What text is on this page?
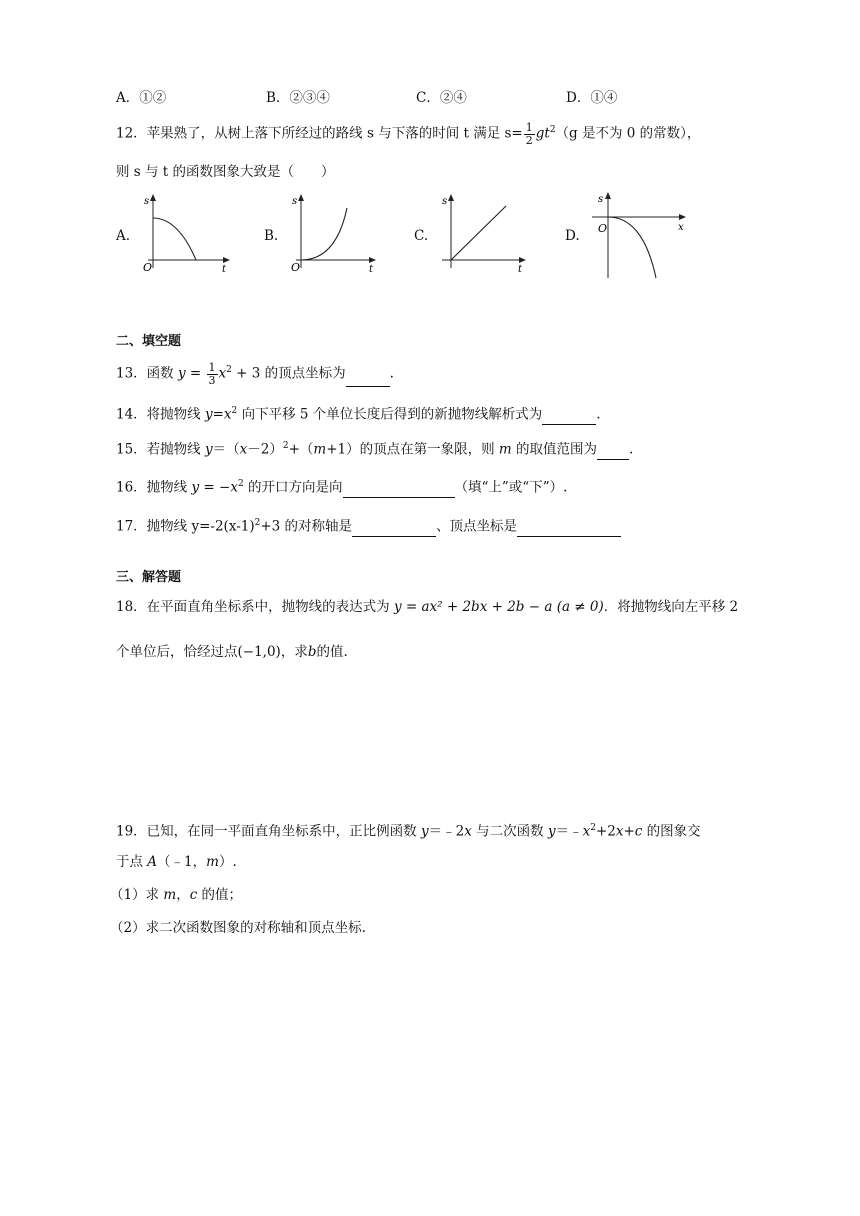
A．①②	B．②③④	C．②④	D．①④
12．苹果熟了，从树上落下所经过的路线 s 与下落的时间 t 满足 $s= \frac{1}{2} gt^2(g$ 是不为 0 的常数），
则 s 与 t 的函数图象大致是（　　）
A.
s
O	t
B.
s
O	t
C.
s
t
D.
s
O	x
二、填空题
13．函数 $y = \frac{1}{3} x^2 + 3$ 的顶点坐标为	.
14．将抛物线 $y=x^2$ 向下平移 5 个单位长度后得到的新抛物线解析式为	.
15．若抛物线 $y=(x-2)^2+(m+1)$的顶点在第一象限，则 m 的取值范围为 .
16．抛物线 $y = -x^2$ 的开口方向是向	（填“上”或“下”）.
17．抛物线 $y=-2(x-1)^2+3$ 的对称轴是	、顶点坐标是
三、解答题
18．在平面直角坐标系中，抛物线的表达式为 y = ax² + 2bx + 2b − a (a ≠ 0)．将抛物线向左平移 2
个单位后，恰经过点(−1,0)，求b的值.
19．已知，在同一平面直角坐标系中，正比例函数 y＝﹣2x 与二次函数 $y=﹣x^2+2x+c$ 的图象交
于点 A（﹣1，m）.
（1）求 m，c 的值；
（2）求二次函数图象的对称轴和顶点坐标.
